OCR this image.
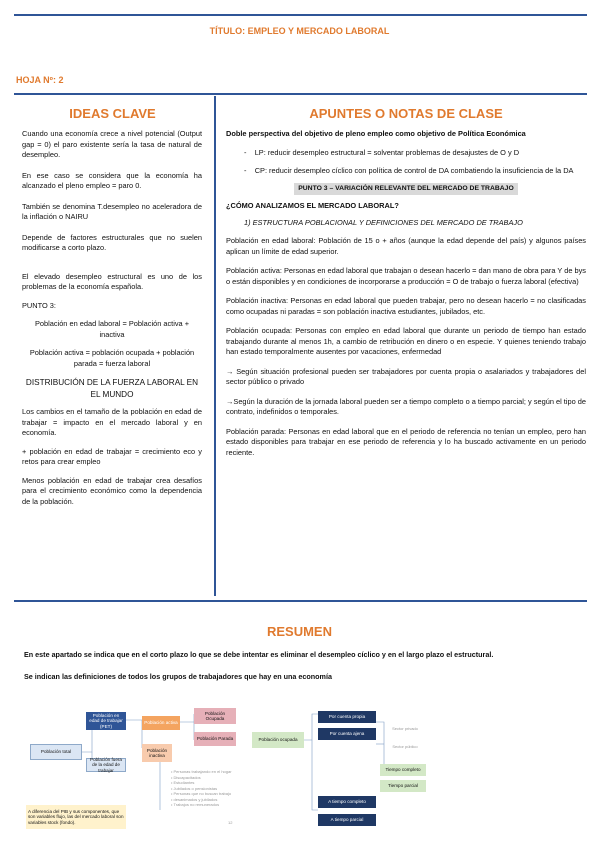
TÍTULO: EMPLEO Y MERCADO LABORAL
HOJA Nº: 2
IDEAS CLAVE

Cuando una economía crece a nivel potencial (Output gap = 0) el paro existente sería la tasa de natural de desempleo.

En ese caso se considera que la economía ha alcanzado el pleno empleo = paro 0.

También se denomina T.desempleo no aceleradora de la inflación o NAIRU

Depende de factores estructurales que no suelen modificarse a corto plazo.

El elevado desempleo estructural es uno de los problemas de la economía española.

PUNTO 3:

Población en edad laboral = Población activa + inactiva

Población activa = población ocupada + población parada = fuerza laboral

DISTRIBUCIÓN DE LA FUERZA LABORAL EN EL MUNDO

Los cambios en el tamaño de la población en edad de trabajar = impacto en el mercado laboral y en economía.

+ población en edad de trabajar = crecimiento eco y retos para crear empleo

Menos población en edad de trabajar crea desafíos para el crecimiento económico como la dependencia de la población.

APUNTES O NOTAS DE CLASE

Doble perspectiva del objetivo de pleno empleo como objetivo de Política Económica

-    LP: reducir desempleo estructural = solventar problemas de desajustes de O y D

-    CP: reducir desempleo cíclico con política de control de DA combatiendo la insuficiencia de la DA

PUNTO 3 – VARIACIÓN RELEVANTE DEL MERCADO DE TRABAJO

¿CÓMO ANALIZAMOS EL MERCADO LABORAL?

1) ESTRUCTURA POBLACIONAL Y DEFINICIONES DEL MERCADO DE TRABAJO

Población en edad laboral: Población de 15 o + años (aunque la edad depende del país) y algunos países aplican un límite de edad superior.

Población activa: Personas en edad laboral que trabajan o desean hacerlo = dan mano de obra para Y de bys o están disponibles y en condiciones de incorporarse a producción = O de trabajo o fuerza laboral (efectiva)

Población inactiva: Personas en edad laboral que pueden trabajar, pero no desean hacerlo = no clasificadas como ocupadas ni paradas = son población inactiva estudiantes, jubilados, etc.

Población ocupada: Personas con empleo en edad laboral que durante un periodo de tiempo han estado trabajando durante al menos 1h, a cambio de retribución en dinero o en especie. Y quienes teniendo trabajo han estado temporalmente ausentes por vacaciones, enfermedad

→ Según situación profesional pueden ser trabajadores por cuenta propia o asalariados y trabajadores del sector público o privado

→Según la duración de la jornada laboral pueden ser a tiempo completo o a tiempo parcial; y según el tipo de contrato, indefinidos o temporales.

Población parada: Personas en edad laboral que en el periodo de referencia no tenían un empleo, pero han estado disponibles para trabajar en ese periodo de referencia y lo ha buscado activamente en un periodo reciente.

RESUMEN
En este apartado se indica que en el corto plazo lo que se debe intentar es eliminar el desempleo cíclico y en el largo plazo el estructural.
Se indican las definiciones de todos los grupos de trabajadores que hay en una economía
Población total
Población en edad de trabajar (PET)
Población fuera de la edad de trabajar
Población activa
Población inactiva
Población Ocupada
Población Parada
• Personas trabajando en el hogar
• Discapacitados
• Estudiantes
• Jubilados o pensionistas
• Personas que no buscan trabajo
• desanimados y jubilados
• Trabajos no remunerados
A diferencia del PIB y sus componentes, que son variables flujo, las del mercado laboral son variables stock (fondo).	12
Población ocupada
Por cuenta propia
Por cuenta ajena
Sector privado
Sector público
Tiempo completo
Tiempo parcial
A tiempo completo
A tiempo parcial
